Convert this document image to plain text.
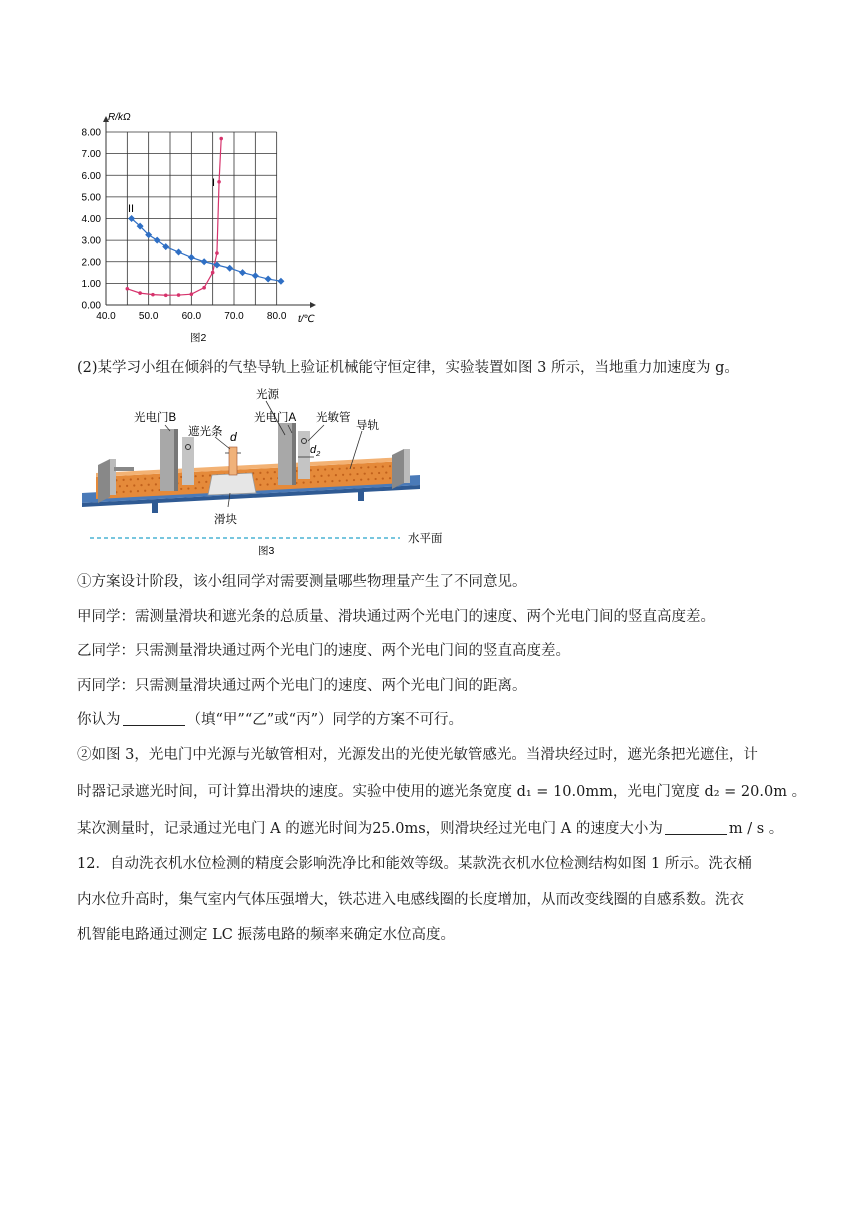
40.0 50.0 60.0 70.0 80.0
0.00
1.00
2.00
3.00
4.00
5.00
6.00
7.00
8.00
R/kΩ
t/℃
I
II
图2
(2)某学习小组在倾斜的气垫导轨上验证机械能守恒定律，实验装置如图 3 所示，当地重力加速度为 g。
水平面
光源
光电门B	光电门A 光敏管
遮光条 d
$d_2$
导轨
滑块
图3
①方案设计阶段，该小组同学对需要测量哪些物理量产生了不同意见。
甲同学：需测量滑块和遮光条的总质量、滑块通过两个光电门的速度、两个光电门间的竖直高度差。
乙同学：只需测量滑块通过两个光电门的速度、两个光电门间的竖直高度差。
丙同学：只需测量滑块通过两个光电门的速度、两个光电门间的距离。
你认为	（填“甲”“乙”或“丙”）同学的方案不可行。
②如图 3，光电门中光源与光敏管相对，光源发出的光使光敏管感光。当滑块经过时，遮光条把光遮住，计
时器记录遮光时间，可计算出滑块的速度。实验中使用的遮光条宽度 d₁ = 10.0mm，光电门宽度 d₂ = 20.0m 。
某次测量时，记录通过光电门 A 的遮光时间为25.0ms，则滑块经过光电门 A 的速度大小为	m / s 。
12．自动洗衣机水位检测的精度会影响洗净比和能效等级。某款洗衣机水位检测结构如图 1 所示。洗衣桶
内水位升高时，集气室内气体压强增大，铁芯进入电感线圈的长度增加，从而改变线圈的自感系数。洗衣
机智能电路通过测定 LC 振荡电路的频率来确定水位高度。
